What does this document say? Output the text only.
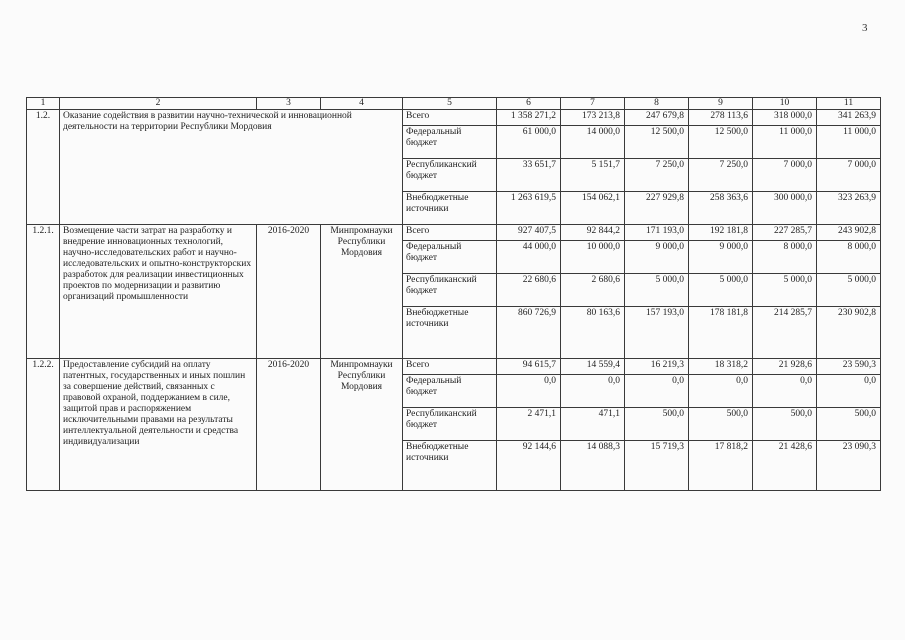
3
1	2	3	4	5	6	7	8	9	10	11
1.2.	Оказание содействия в развитии научно-технической и инновационной деятельности на территории Республики Мордовия			Всего	1 358 271,2	173 213,8	247 679,8	278 113,6	318 000,0	341 263,9
				Федеральный бюджет	61 000,0	14 000,0	12 500,0	12 500,0	11 000,0	11 000,0
				Республиканский бюджет	33 651,7	5 151,7	7 250,0	7 250,0	7 000,0	7 000,0
				Внебюджетные источники	1 263 619,5	154 062,1	227 929,8	258 363,6	300 000,0	323 263,9
1.2.1.	Возмещение части затрат на разработку и внедрение инновационных технологий, научно-исследовательских работ и научно-исследовательских и опытно-конструкторских разработок для реализации инвестиционных проектов по модернизации и развитию организаций промышленности	2016-2020	Минпромнауки Республики Мордовия	Всего	927 407,5	92 844,2	171 193,0	192 181,8	227 285,7	243 902,8
				Федеральный бюджет	44 000,0	10 000,0	9 000,0	9 000,0	8 000,0	8 000,0
				Республиканский бюджет	22 680,6	2 680,6	5 000,0	5 000,0	5 000,0	5 000,0
				Внебюджетные источники	860 726,9	80 163,6	157 193,0	178 181,8	214 285,7	230 902,8
1.2.2.	Предоставление субсидий на оплату патентных, государственных и иных пошлин за совершение действий, связанных с правовой охраной, поддержанием в силе, защитой прав и распоряжением исключительными правами на результаты интеллектуальной деятельности и средства индивидуализации	2016-2020	Минпромнауки Республики Мордовия	Всего	94 615,7	14 559,4	16 219,3	18 318,2	21 928,6	23 590,3
				Федеральный бюджет	0,0	0,0	0,0	0,0	0,0	0,0
				Республиканский бюджет	2 471,1	471,1	500,0	500,0	500,0	500,0
				Внебюджетные источники	92 144,6	14 088,3	15 719,3	17 818,2	21 428,6	23 090,3
